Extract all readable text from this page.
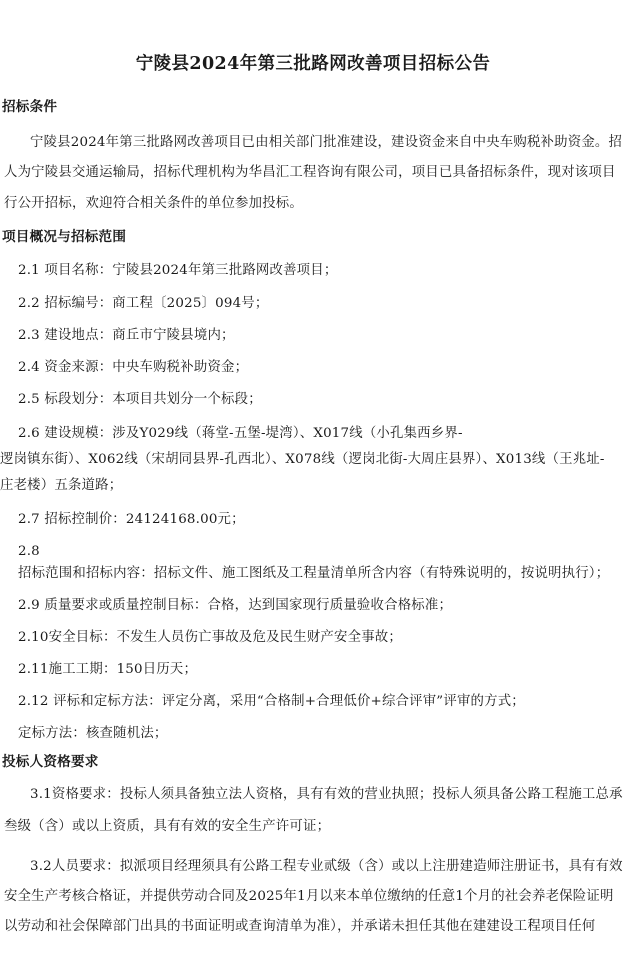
宁陵县2024年第三批路网改善项目招标公告
招标条件
宁陵县2024年第三批路网改善项目已由相关部门批准建设，建设资金来自中央车购税补助资金。招
人为宁陵县交通运输局，招标代理机构为华昌汇工程咨询有限公司，项目已具备招标条件，现对该项目
行公开招标，欢迎符合相关条件的单位参加投标。
项目概况与招标范围
2.1 项目名称：宁陵县2024年第三批路网改善项目；
2.2 招标编号：商工程〔2025〕094号；
2.3 建设地点：商丘市宁陵县境内；
2.4 资金来源：中央车购税补助资金；
2.5 标段划分：本项目共划分一个标段；
2.6 建设规模：涉及Y029线（蒋堂-五堡-堤湾）、X017线（小孔集西乡界-
逻岗镇东街）、X062线（宋胡同县界-孔西北）、X078线（逻岗北街-大周庄县界）、X013线（王兆址-
庄老楼）五条道路；
2.7 招标控制价：24124168.00元；
2.8
招标范围和招标内容：招标文件、施工图纸及工程量清单所含内容（有特殊说明的，按说明执行）；
2.9 质量要求或质量控制目标：合格，达到国家现行质量验收合格标准；
2.10安全目标：不发生人员伤亡事故及危及民生财产安全事故；
2.11施工工期：150日历天；
2.12 评标和定标方法：评定分离，采用“合格制+合理低价+综合评审”评审的方式；
定标方法：核查随机法；
投标人资格要求
3.1资格要求：投标人须具备独立法人资格，具有有效的营业执照；投标人须具备公路工程施工总承
叁级（含）或以上资质，具有有效的安全生产许可证；
3.2人员要求：拟派项目经理须具有公路工程专业贰级（含）或以上注册建造师注册证书，具有有效
安全生产考核合格证，并提供劳动合同及2025年1月以来本单位缴纳的任意1个月的社会养老保险证明
以劳动和社会保障部门出具的书面证明或查询清单为准），并承诺未担任其他在建建设工程项目任何
